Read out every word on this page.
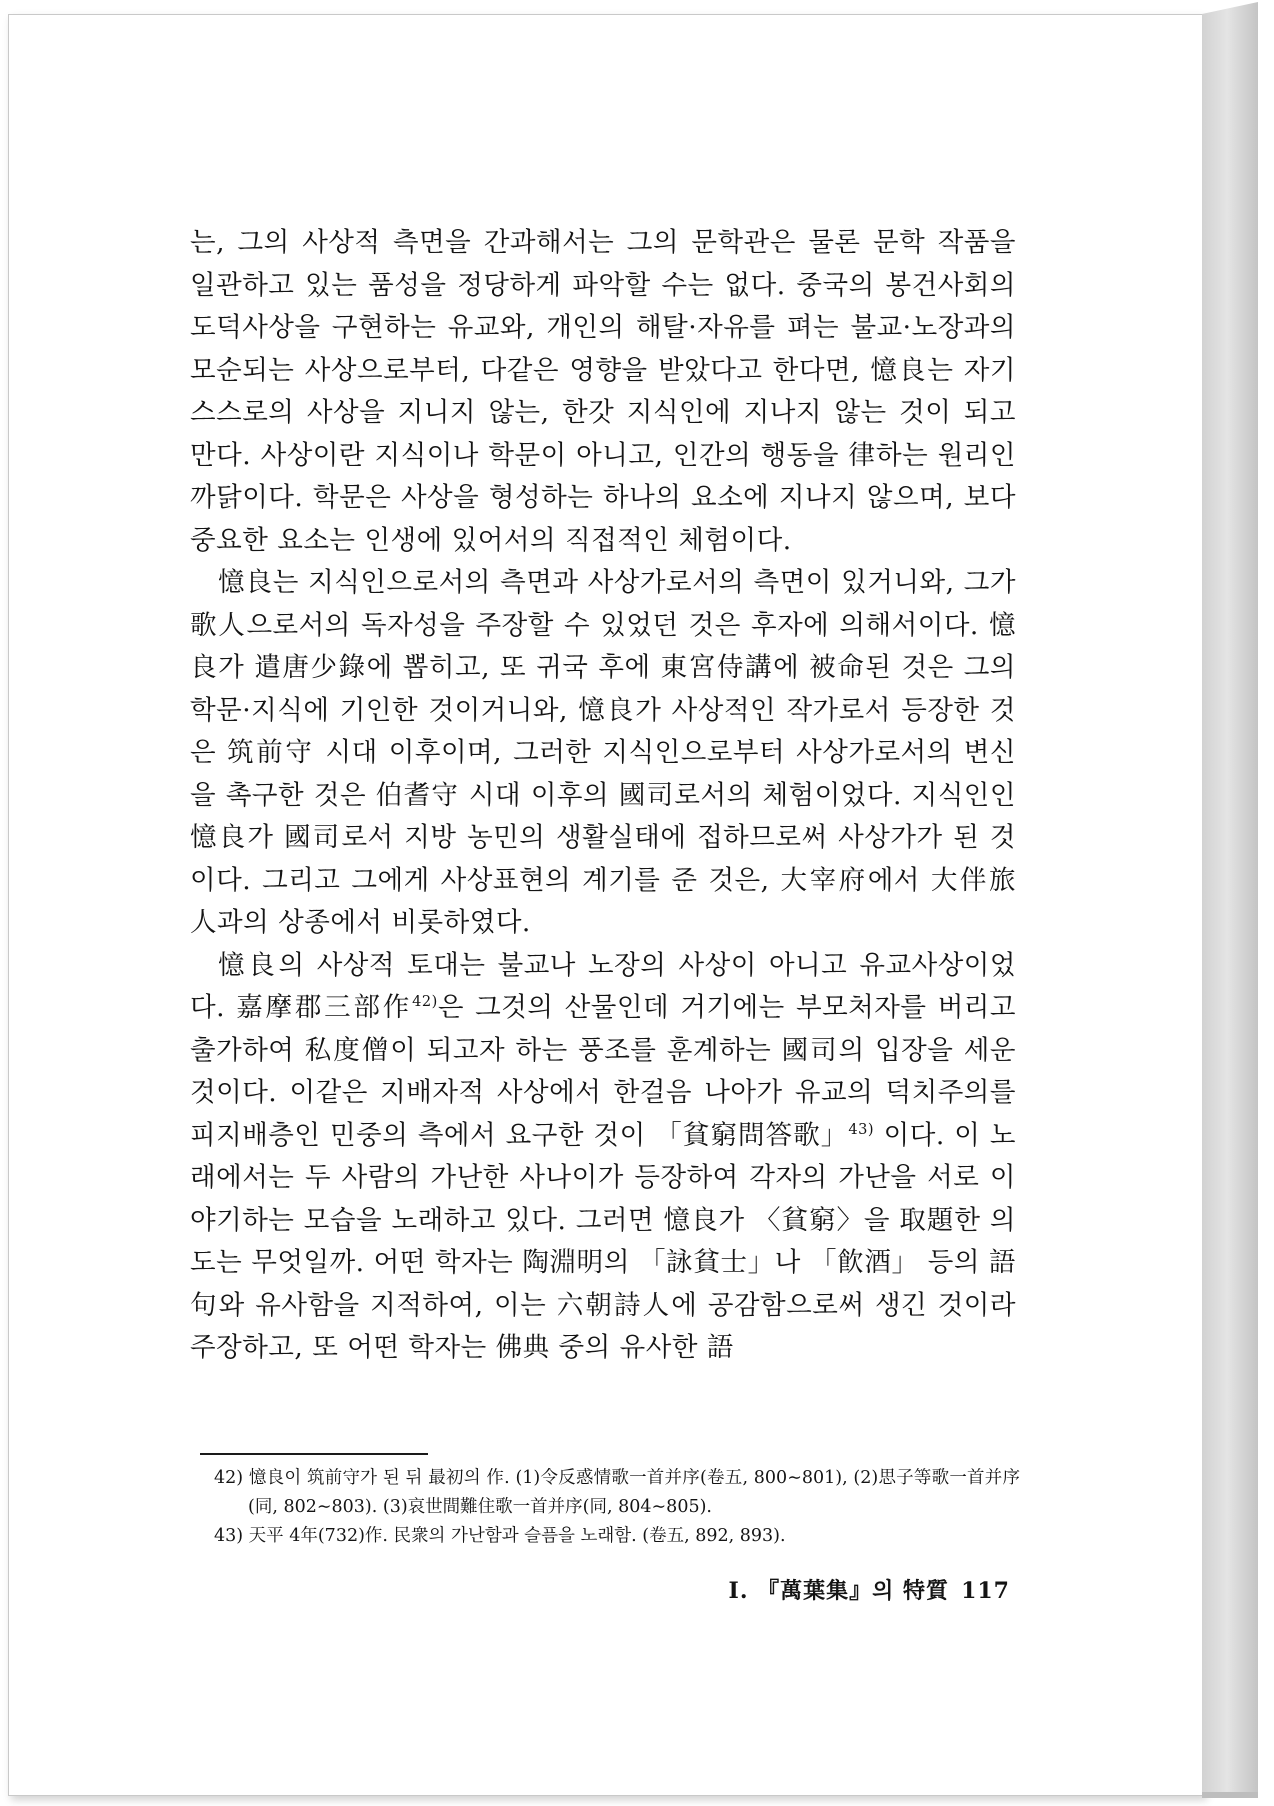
는, 그의 사상적 측면을 간과해서는 그의 문학관은 물론 문학 작품을 일관하고 있는 품성을 정당하게 파악할 수는 없다. 중국의 봉건사회의 도덕사상을 구현하는 유교와, 개인의 해탈·자유를 펴는 불교·노장과의 모순되는 사상으로부터, 다같은 영향을 받았다고 한다면, 憶良는 자기 스스로의 사상을 지니지 않는, 한갓 지식인에 지나지 않는 것이 되고 만다. 사상이란 지식이나 학문이 아니고, 인간의 행동을 律하는 원리인 까닭이다. 학문은 사상을 형성하는 하나의 요소에 지나지 않으며, 보다 중요한 요소는 인생에 있어서의 직접적인 체험이다.

憶良는 지식인으로서의 측면과 사상가로서의 측면이 있거니와, 그가 歌人으로서의 독자성을 주장할 수 있었던 것은 후자에 의해서이다. 憶良가 遣唐少錄에 뽑히고, 또 귀국 후에 東宮侍講에 被命된 것은 그의 학문·지식에 기인한 것이거니와, 憶良가 사상적인 작가로서 등장한 것은 筑前守 시대 이후이며, 그러한 지식인으로부터 사상가로서의 변신을 촉구한 것은 伯耆守 시대 이후의 國司로서의 체험이었다. 지식인인 憶良가 國司로서 지방 농민의 생활실태에 접하므로써 사상가가 된 것이다. 그리고 그에게 사상표현의 계기를 준 것은, 大宰府에서 大伴旅人과의 상종에서 비롯하였다.

憶良의 사상적 토대는 불교나 노장의 사상이 아니고 유교사상이었다. 嘉摩郡三部作$^{42)}$은 그것의 산물인데 거기에는 부모처자를 버리고 출가하여 私度僧이 되고자 하는 풍조를 훈계하는 國司의 입장을 세운 것이다. 이같은 지배자적 사상에서 한걸음 나아가 유교의 덕치주의를 피지배층인 민중의 측에서 요구한 것이 「貧窮問答歌」$^{43)}$ 이다. 이 노래에서는 두 사람의 가난한 사나이가 등장하여 각자의 가난을 서로 이야기하는 모습을 노래하고 있다. 그러면 憶良가 〈貧窮〉을 取題한 의도는 무엇일까. 어떤 학자는 陶淵明의 「詠貧士」나 「飮酒」 등의 語句와 유사함을 지적하여, 이는 六朝詩人에 공감함으로써 생긴 것이라 주장하고, 또 어떤 학자는 佛典 중의 유사한 語

42) 憶良이 筑前守가 된 뒤 最初의 作. (1)令反惑情歌一首并序(卷五, 800∼801), (2)思子等歌一首并序(同, 802∼803). (3)哀世間難住歌一首并序(同, 804∼805).

43) 天平 4年(732)作. 民衆의 가난함과 슬픔을 노래함. (卷五, 892, 893).

I. 『萬葉集』의 特質 117
